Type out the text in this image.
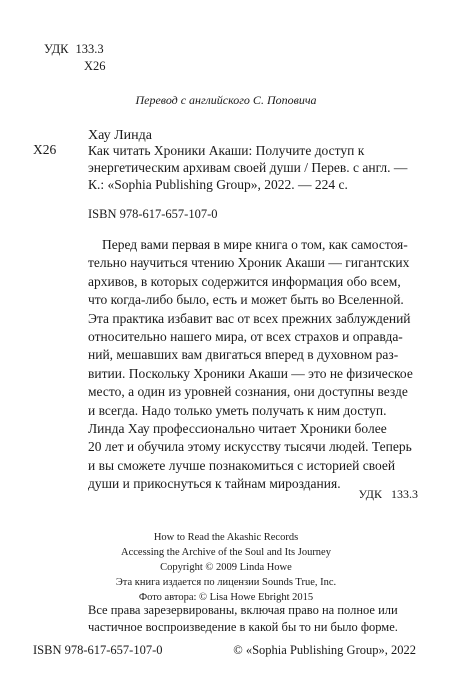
УДК 133.3
Х26
Перевод с английского С. Поповича
Хау Линда
Х26 Как читать Хроники Акаши: Получите доступ к
энергетическим архивам своей души / Перев. с англ. —
К.: «Sophia Publishing Group», 2022. — 224 с.
ISBN 978-617-657-107-0
Перед вами первая в мире книга о том, как самостоя-
тельно научиться чтению Хроник Акаши — гигантских
архивов, в которых содержится информация обо всем,
что когда-либо было, есть и может быть во Вселенной.
Эта практика избавит вас от всех прежних заблуждений
относительно нашего мира, от всех страхов и оправда-
ний, мешавших вам двигаться вперед в духовном раз-
витии. Поскольку Хроники Акаши — это не физическое
место, а один из уровней сознания, они доступны везде
и всегда. Надо только уметь получать к ним доступ.
Линда Хау профессионально читает Хроники более
20 лет и обучила этому искусству тысячи людей. Теперь
и вы сможете лучше познакомиться с историей своей
души и прикоснуться к тайнам мироздания.
УДК   133.3
How to Read the Akashic Records
Accessing the Archive of the Soul and Its Journey
Copyright © 2009 Linda Howe
Эта книга издается по лицензии Sounds True, Inc.
Фото автора: © Lisa Howe Ebright 2015
Все права зарезервированы, включая право на полное или
частичное воспроизведение в какой бы то ни было форме.
ISBN 978-617-657-107-0	© «Sophia Publishing Group», 2022
